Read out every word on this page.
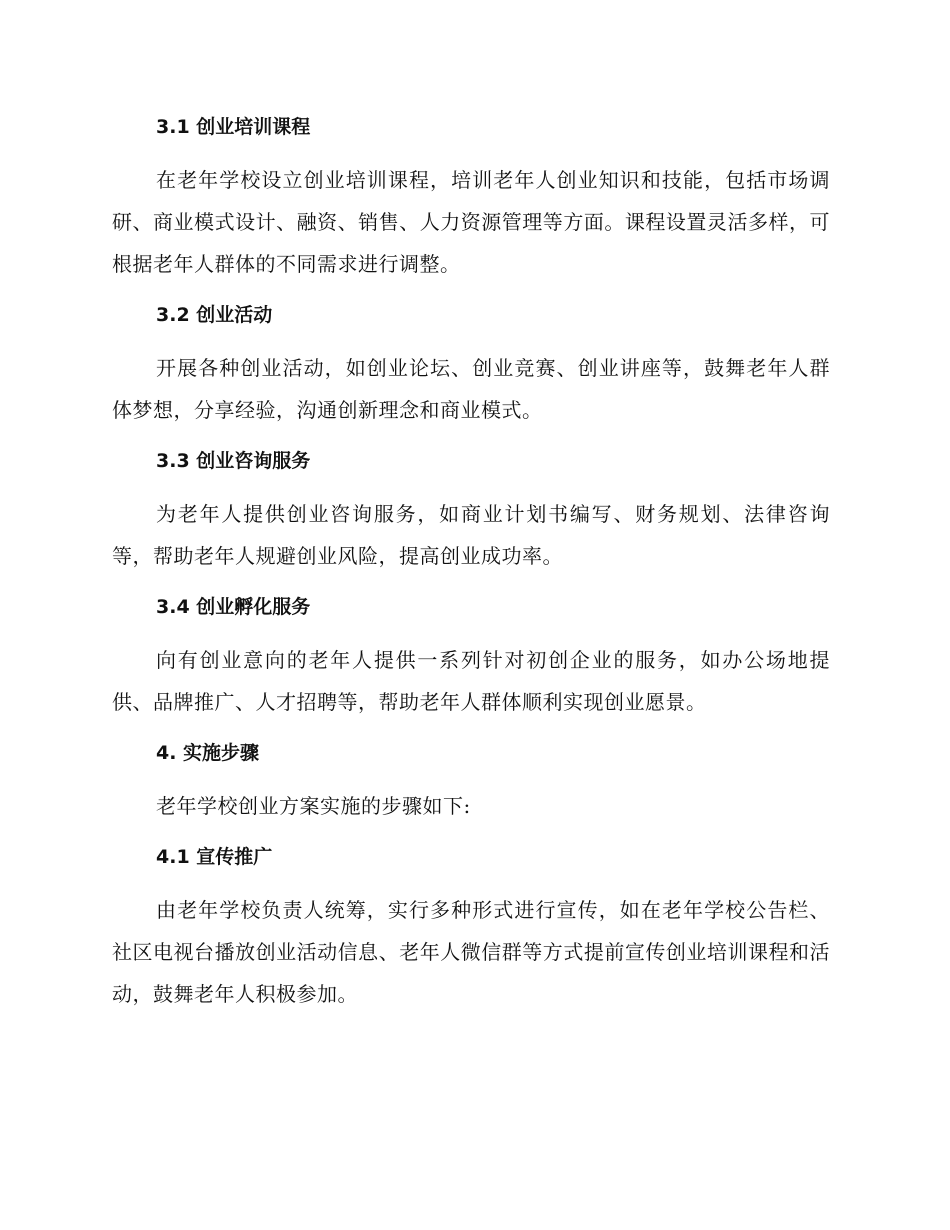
3.1 创业培训课程

在老年学校设立创业培训课程，培训老年人创业知识和技能，包括市场调研、商业模式设计、融资、销售、人力资源管理等方面。课程设置灵活多样，可根据老年人群体的不同需求进行调整。

3.2 创业活动

开展各种创业活动，如创业论坛、创业竞赛、创业讲座等，鼓舞老年人群体梦想，分享经验，沟通创新理念和商业模式。

3.3 创业咨询服务

为老年人提供创业咨询服务，如商业计划书编写、财务规划、法律咨询等，帮助老年人规避创业风险，提高创业成功率。

3.4 创业孵化服务

向有创业意向的老年人提供一系列针对初创企业的服务，如办公场地提供、品牌推广、人才招聘等，帮助老年人群体顺利实现创业愿景。

4. 实施步骤

老年学校创业方案实施的步骤如下:

4.1 宣传推广

由老年学校负责人统筹，实行多种形式进行宣传，如在老年学校公告栏、社区电视台播放创业活动信息、老年人微信群等方式提前宣传创业培训课程和活动，鼓舞老年人积极参加。
